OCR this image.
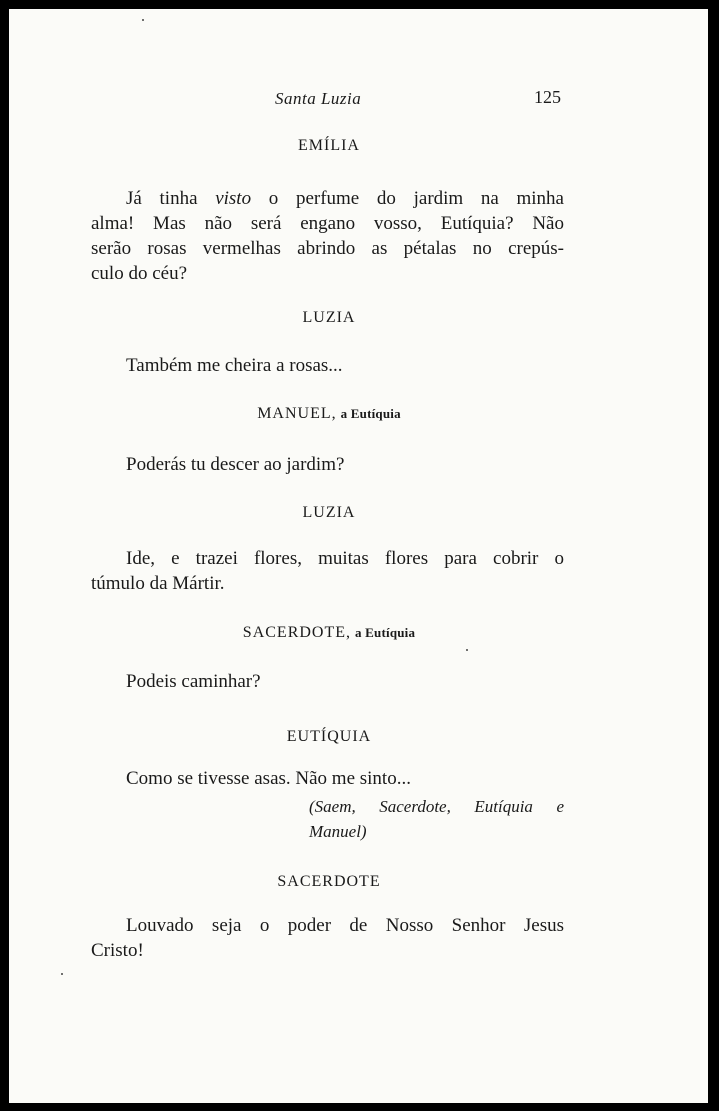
Santa Luzia	125
EMÍLIA
Já tinha visto o perfume do jardim na minha
alma! Mas não será engano vosso, Eutíquia? Não
serão rosas vermelhas abrindo as pétalas no crepús-
culo do céu?
LUZIA
Também me cheira a rosas...
MANUEL, a Eutíquia
Poderás tu descer ao jardim?
LUZIA
Ide, e trazei flores, muitas flores para cobrir o
túmulo da Mártir.
SACERDOTE, a Eutíquia
Podeis caminhar?
EUTÍQUIA
Como se tivesse asas. Não me sinto...
(Saem, Sacerdote, Eutíquia e
Manuel)
SACERDOTE
Louvado seja o poder de Nosso Senhor Jesus
Cristo!
